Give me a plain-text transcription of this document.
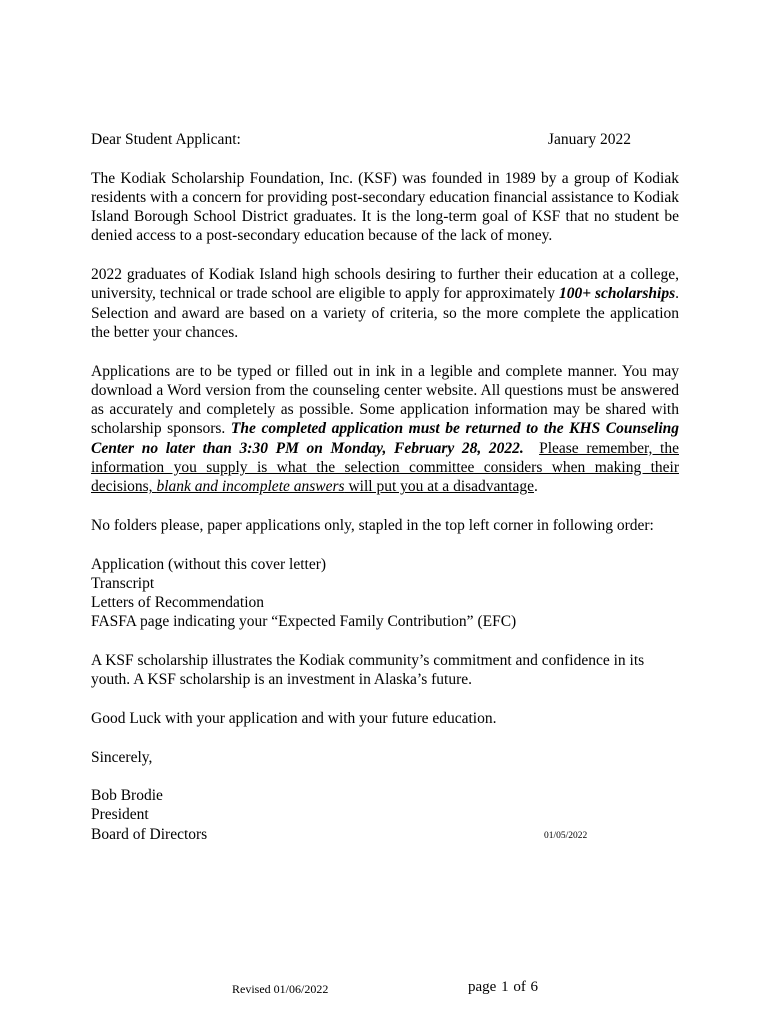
Dear Student Applicant:	January 2022

The Kodiak Scholarship Foundation, Inc. (KSF) was founded in 1989 by a group of Kodiak residents with a concern for providing post-secondary education financial assistance to Kodiak Island Borough School District graduates. It is the long-term goal of KSF that no student be denied access to a post-secondary education because of the lack of money.

2022 graduates of Kodiak Island high schools desiring to further their education at a college, university, technical or trade school are eligible to apply for approximately 100+ scholarships. Selection and award are based on a variety of criteria, so the more complete the application the better your chances.

Applications are to be typed or filled out in ink in a legible and complete manner. You may download a Word version from the counseling center website. All questions must be answered as accurately and completely as possible. Some application information may be shared with scholarship sponsors. The completed application must be returned to the KHS Counseling Center no later than 3:30 PM on Monday, February 28, 2022. Please remember, the information you supply is what the selection committee considers when making their decisions, blank and incomplete answers will put you at a disadvantage.

No folders please, paper applications only, stapled in the top left corner in following order:

Application (without this cover letter)
Transcript
Letters of Recommendation
FASFA page indicating your “Expected Family Contribution” (EFC)

A KSF scholarship illustrates the Kodiak community’s commitment and confidence in its youth. A KSF scholarship is an investment in Alaska’s future.

Good Luck with your application and with your future education.

Sincerely,

Bob Brodie
President
Board of Directors	01/05/2022
Revised 01/06/2022	page 1 of 6
